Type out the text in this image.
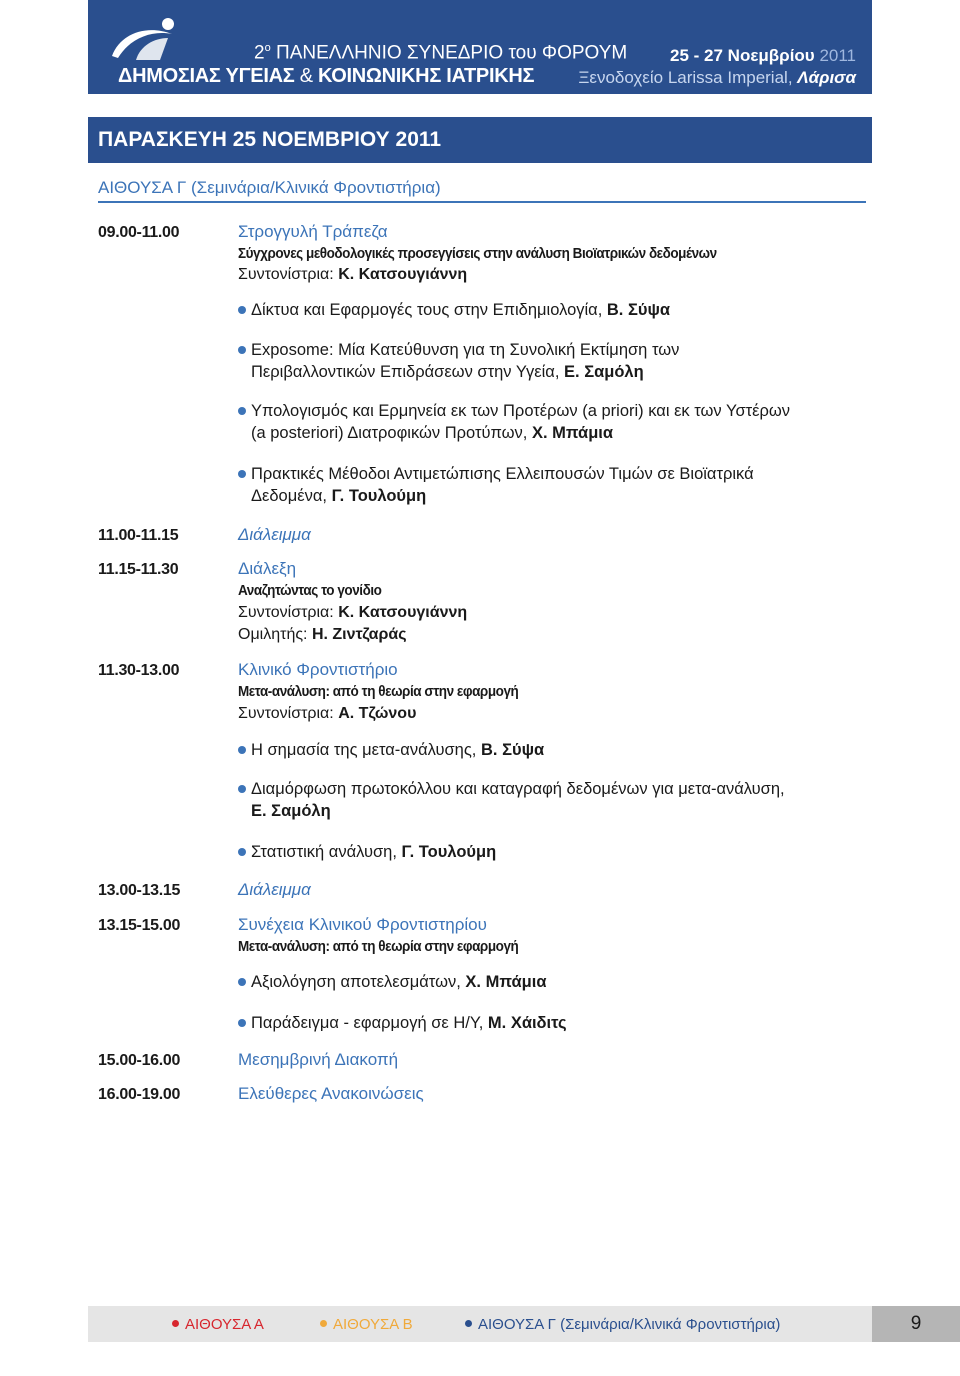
$2^o$ ΠΑΝΕΛΛΗΝΙΟ ΣΥΝΕΔΡΙΟ του ΦΟΡΟΥΜ
ΔΗΜΟΣΙΑΣ ΥΓΕΙΑΣ & ΚΟΙΝΩΝΙΚΗΣ ΙΑΤΡΙΚΗΣ
25 - 27 Νοεμβρίου 2011
Ξενοδοχείο Larissa Imperial, Λάρισα
ΠΑΡΑΣΚΕΥΗ 25 ΝΟΕΜΒΡΙΟΥ 2011
ΑΙΘΟΥΣΑ Γ (Σεμινάρια/Κλινικά Φροντιστήρια)
09.00-11.00	Στρογγυλή Τράπεζα
Σύγχρονες μεθοδολογικές προσεγγίσεις στην ανάλυση Βιοϊατρικών δεδομένων
Συντονίστρια: Κ. Κατσουγιάννη
Δίκτυα και Εφαρμογές τους στην Επιδημιολογία, Β. Σύψα
Exposome: Μία Κατεύθυνση για τη Συνολική Εκτίμηση των
Περιβαλλοντικών Επιδράσεων στην Υγεία, Ε. Σαμόλη
Υπολογισμός και Ερμηνεία εκ των Προτέρων (a priori) και εκ των Υστέρων
(a posteriori) Διατροφικών Προτύπων, Χ. Μπάμια
Πρακτικές Μέθοδοι Αντιμετώπισης Ελλειπουσών Τιμών σε Βιοϊατρικά
Δεδομένα, Γ. Τουλούμη
11.00-11.15	Διάλειμμα
11.15-11.30	Διάλεξη
Αναζητώντας το γονίδιο
Συντονίστρια: Κ. Κατσουγιάννη
Ομιλητής: Η. Ζιντζαράς
11.30-13.00	Κλινικό Φροντιστήριο
Μετα-ανάλυση: από τη θεωρία στην εφαρμογή
Συντονίστρια: Α. Τζώνου
Η σημασία της μετα-ανάλυσης, Β. Σύψα
Διαμόρφωση πρωτοκόλλου και καταγραφή δεδομένων για μετα-ανάλυση,
Ε. Σαμόλη
Στατιστική ανάλυση, Γ. Τουλούμη
13.00-13.15	Διάλειμμα
13.15-15.00	Συνέχεια Κλινικού Φροντιστηρίου
Μετα-ανάλυση: από τη θεωρία στην εφαρμογή
Αξιολόγηση αποτελεσμάτων, Χ. Μπάμια
Παράδειγμα - εφαρμογή σε Η/Υ, Μ. Χάιδιτς
15.00-16.00	Μεσημβρινή Διακοπή
16.00-19.00	Ελεύθερες Ανακοινώσεις
ΑΙΘΟΥΣΑ Α	ΑΙΘΟΥΣΑ Β	ΑΙΘΟΥΣΑ Γ (Σεμινάρια/Κλινικά Φροντιστήρια)	9
